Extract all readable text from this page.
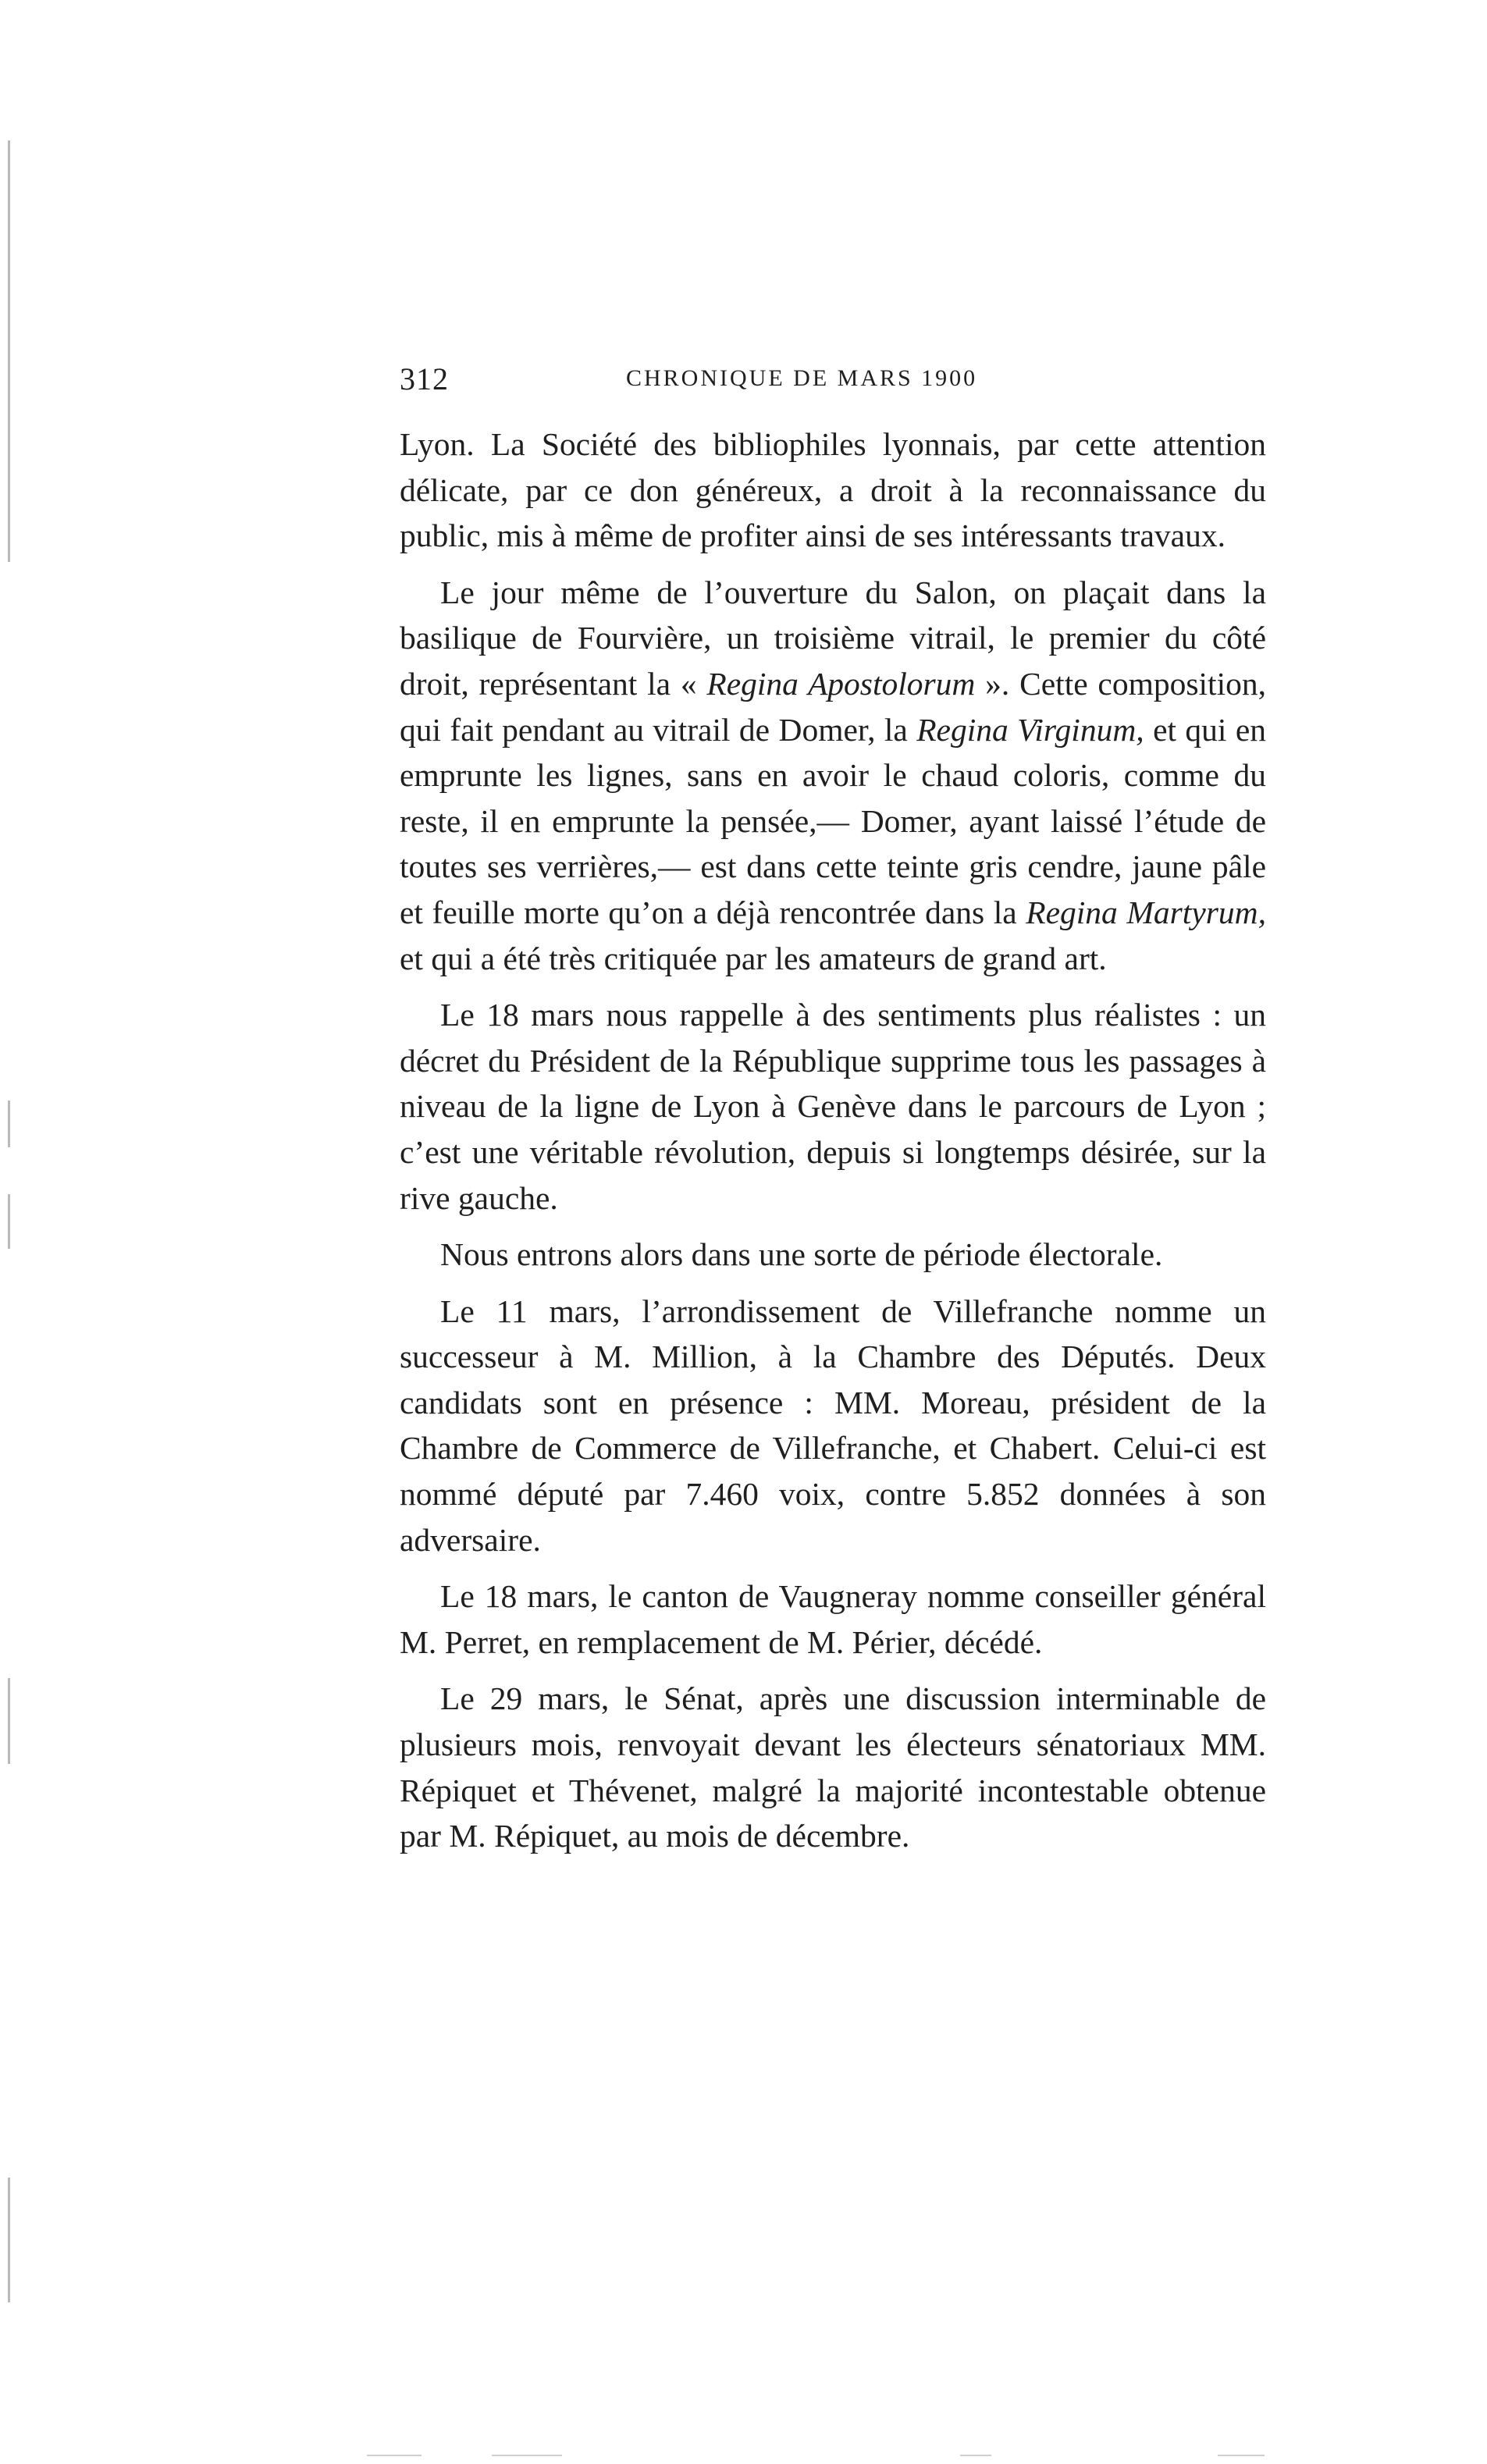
312	CHRONIQUE DE MARS 1900

Lyon. La Société des bibliophiles lyonnais, par cette attention délicate, par ce don généreux, a droit à la reconnaissance du public, mis à même de profiter ainsi de ses intéressants travaux.

Le jour même de l’ouverture du Salon, on plaçait dans la basilique de Fourvière, un troisième vitrail, le premier du côté droit, représentant la « Regina Apostolorum ». Cette composition, qui fait pendant au vitrail de Domer, la Regina Virginum, et qui en emprunte les lignes, sans en avoir le chaud coloris, comme du reste, il en emprunte la pensée,— Domer, ayant laissé l’étude de toutes ses verrières,— est dans cette teinte gris cendre, jaune pâle et feuille morte qu’on a déjà rencontrée dans la Regina Martyrum, et qui a été très critiquée par les amateurs de grand art.

Le 18 mars nous rappelle à des sentiments plus réalistes : un décret du Président de la République supprime tous les passages à niveau de la ligne de Lyon à Genève dans le parcours de Lyon ; c’est une véritable révolution, depuis si longtemps désirée, sur la rive gauche.

Nous entrons alors dans une sorte de période électorale.

Le 11 mars, l’arrondissement de Villefranche nomme un successeur à M. Million, à la Chambre des Députés. Deux candidats sont en présence : MM. Moreau, président de la Chambre de Commerce de Villefranche, et Chabert. Celui-ci est nommé député par 7.460 voix, contre 5.852 données à son adversaire.

Le 18 mars, le canton de Vaugneray nomme conseiller général M. Perret, en remplacement de M. Périer, décédé.

Le 29 mars, le Sénat, après une discussion interminable de plusieurs mois, renvoyait devant les électeurs sénatoriaux MM. Répiquet et Thévenet, malgré la majorité incontestable obtenue par M. Répiquet, au mois de décembre.
